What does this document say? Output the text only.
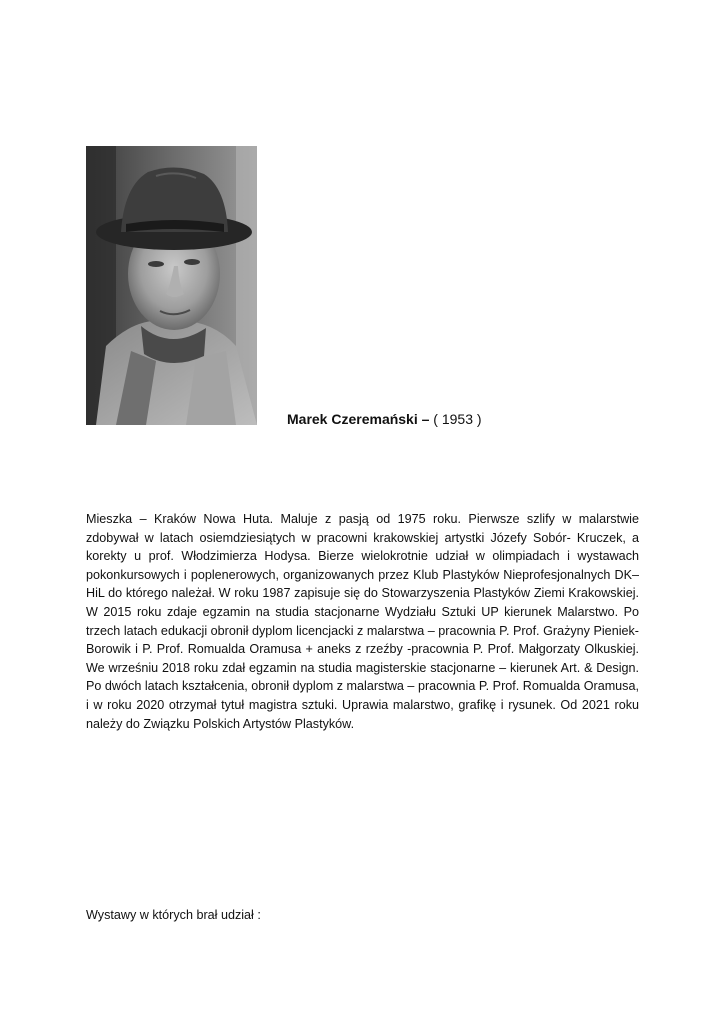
Marek Czeremański – ( 1953 )

Mieszka – Kraków Nowa Huta. Maluje z pasją od 1975 roku. Pierwsze szlify w malarstwie zdobywał w latach osiemdziesiątych w pracowni krakowskiej artystki Józefy Sobór- Kruczek, a korekty u prof. Włodzimierza Hodysa. Bierze wielokrotnie udział w olimpiadach i wystawach pokonkursowych i poplenerowych, organizowanych przez Klub Plastyków Nieprofesjonalnych DK–HiL do którego należał. W roku 1987 zapisuje się do Stowarzyszenia Plastyków Ziemi Krakowskiej. W 2015 roku zdaje egzamin na studia stacjonarne Wydziału Sztuki UP kierunek Malarstwo. Po trzech latach edukacji obronił dyplom licencjacki z malarstwa – pracownia P. Prof. Grażyny Pieniek- Borowik i P. Prof. Romualda Oramusa + aneks z rzeźby -pracownia P. Prof. Małgorzaty Olkuskiej. We wrześniu 2018 roku zdał egzamin na studia magisterskie stacjonarne – kierunek Art. & Design. Po dwóch latach kształcenia, obronił dyplom z malarstwa – pracownia P. Prof. Romualda Oramusa, i w roku 2020 otrzymał tytuł magistra sztuki. Uprawia malarstwo, grafikę i rysunek. Od 2021 roku należy do Związku Polskich Artystów Plastyków.

Wystawy w których brał udział :
